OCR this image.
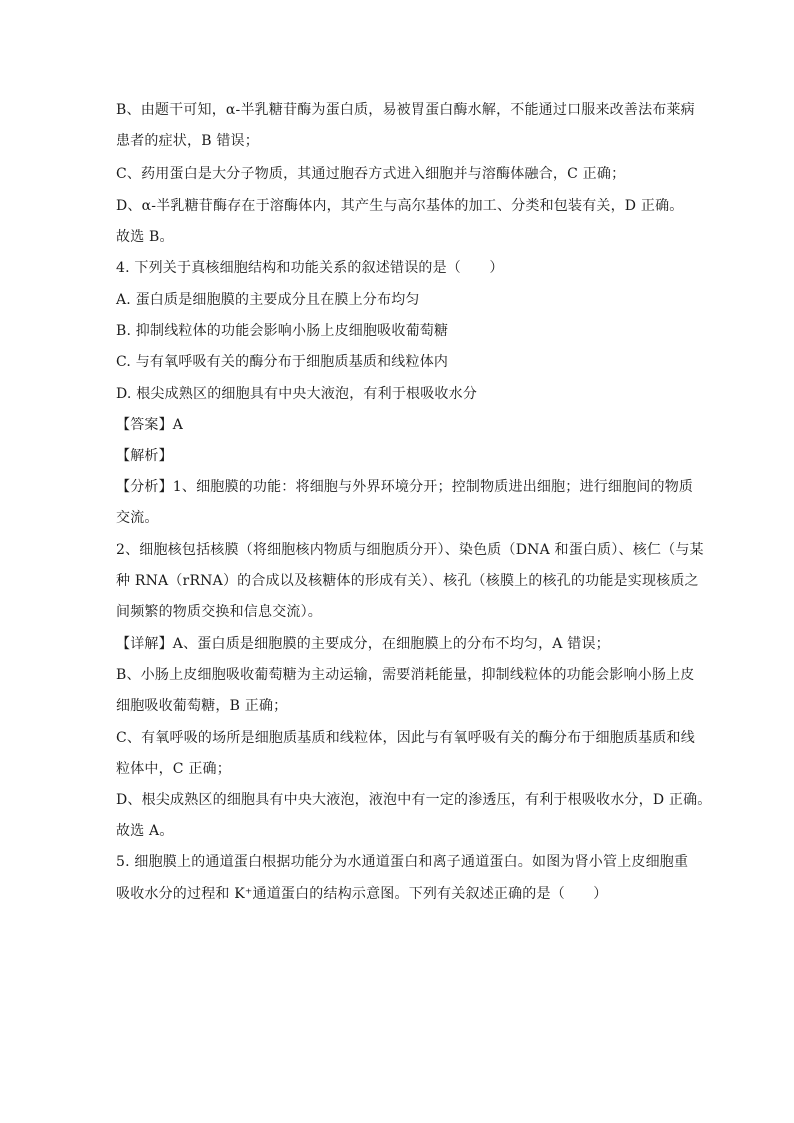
B、由题干可知，α-半乳糖苷酶为蛋白质，易被胃蛋白酶水解，不能通过口服来改善法布莱病
患者的症状，B 错误；
C、药用蛋白是大分子物质，其通过胞吞方式进入细胞并与溶酶体融合，C 正确；
D、α-半乳糖苷酶存在于溶酶体内，其产生与高尔基体的加工、分类和包装有关，D 正确。
故选 B。
4. 下列关于真核细胞结构和功能关系的叙述错误的是（　　）
A. 蛋白质是细胞膜的主要成分且在膜上分布均匀
B. 抑制线粒体的功能会影响小肠上皮细胞吸收葡萄糖
C. 与有氧呼吸有关的酶分布于细胞质基质和线粒体内
D. 根尖成熟区的细胞具有中央大液泡，有利于根吸收水分
【答案】A
【解析】
【分析】1、细胞膜的功能：将细胞与外界环境分开；控制物质进出细胞；进行细胞间的物质
交流。
2、细胞核包括核膜（将细胞核内物质与细胞质分开）、染色质（DNA 和蛋白质）、核仁（与某
种 RNA（rRNA）的合成以及核糖体的形成有关）、核孔（核膜上的核孔的功能是实现核质之
间频繁的物质交换和信息交流）。
【详解】A、蛋白质是细胞膜的主要成分，在细胞膜上的分布不均匀，A 错误；
B、小肠上皮细胞吸收葡萄糖为主动运输，需要消耗能量，抑制线粒体的功能会影响小肠上皮
细胞吸收葡萄糖，B 正确；
C、有氧呼吸的场所是细胞质基质和线粒体，因此与有氧呼吸有关的酶分布于细胞质基质和线
粒体中，C 正确；
D、根尖成熟区的细胞具有中央大液泡，液泡中有一定的渗透压，有利于根吸收水分，D 正确。
故选 A。
5. 细胞膜上的通道蛋白根据功能分为水通道蛋白和离子通道蛋白。如图为肾小管上皮细胞重
吸收水分的过程和 K⁺通道蛋白的结构示意图。下列有关叙述正确的是（　　）
